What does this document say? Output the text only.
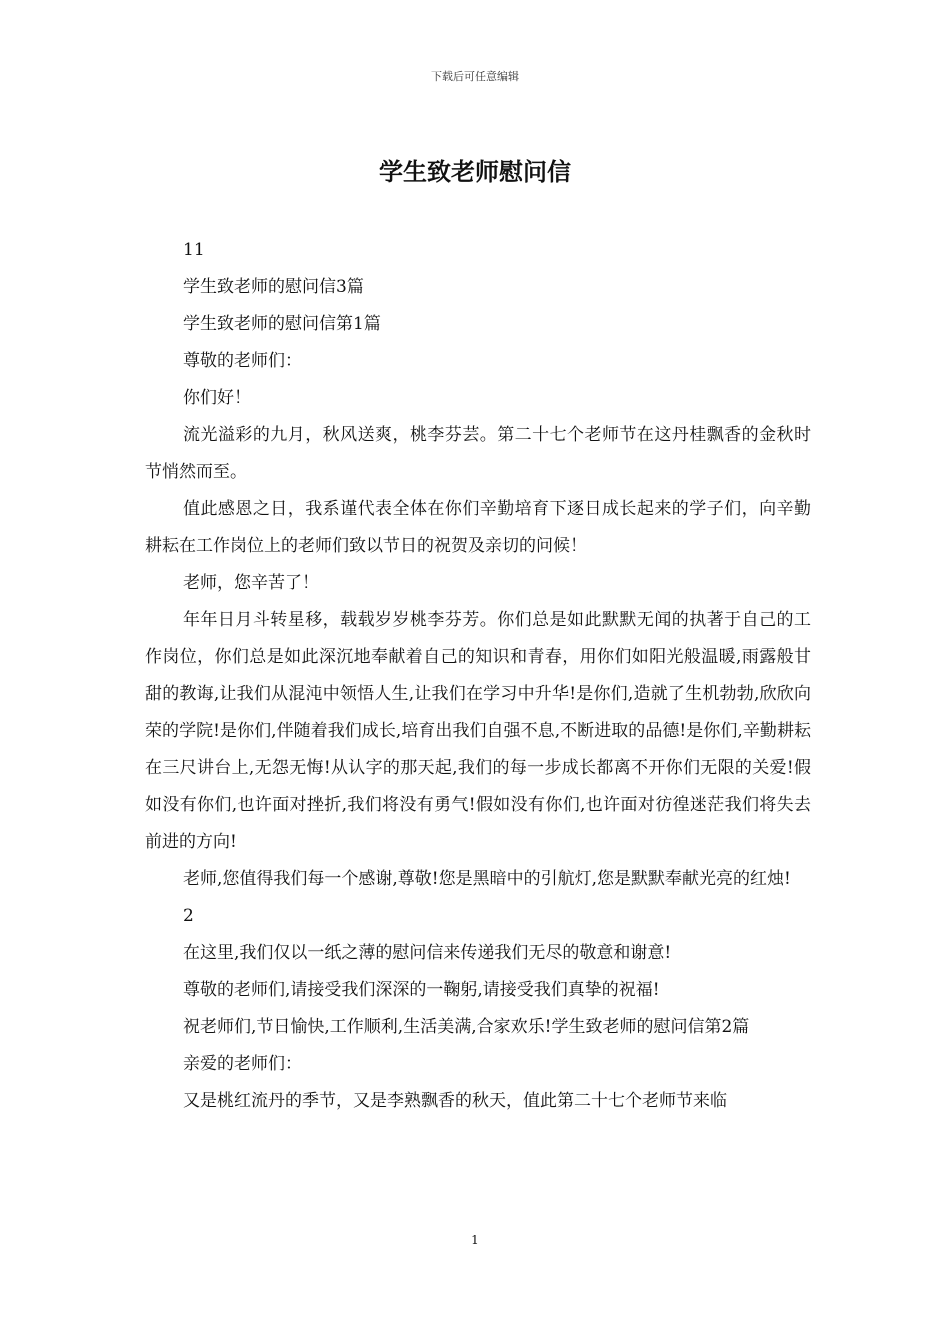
下载后可任意编辑
学生致老师慰问信

11

学生致老师的慰问信3篇

学生致老师的慰问信第1篇

尊敬的老师们：

你们好！

流光溢彩的九月，秋风送爽，桃李芬芸。第二十七个老师节在这丹桂飘香的金秋时节悄然而至。

值此感恩之日，我系谨代表全体在你们辛勤培育下逐日成长起来的学子们，向辛勤耕耘在工作岗位上的老师们致以节日的祝贺及亲切的问候！

老师，您辛苦了！

年年日月斗转星移，载载岁岁桃李芬芳。你们总是如此默默无闻的执著于自己的工作岗位，你们总是如此深沉地奉献着自己的知识和青春，用你们如阳光般温暖,雨露般甘甜的教诲,让我们从混沌中领悟人生,让我们在学习中升华!是你们,造就了生机勃勃,欣欣向荣的学院!是你们,伴随着我们成长,培育出我们自强不息,不断进取的品德!是你们,辛勤耕耘在三尺讲台上,无怨无悔!从认字的那天起,我们的每一步成长都离不开你们无限的关爱!假如没有你们,也许面对挫折,我们将没有勇气!假如没有你们,也许面对彷徨迷茫我们将失去前进的方向!

老师,您值得我们每一个感谢,尊敬!您是黑暗中的引航灯,您是默默奉献光亮的红烛!

2

在这里,我们仅以一纸之薄的慰问信来传递我们无尽的敬意和谢意!

尊敬的老师们,请接受我们深深的一鞠躬,请接受我们真挚的祝福!

祝老师们,节日愉快,工作顺利,生活美满,合家欢乐!学生致老师的慰问信第2篇

亲爱的老师们：

又是桃红流丹的季节，又是李熟飘香的秋天，值此第二十七个老师节来临

1
